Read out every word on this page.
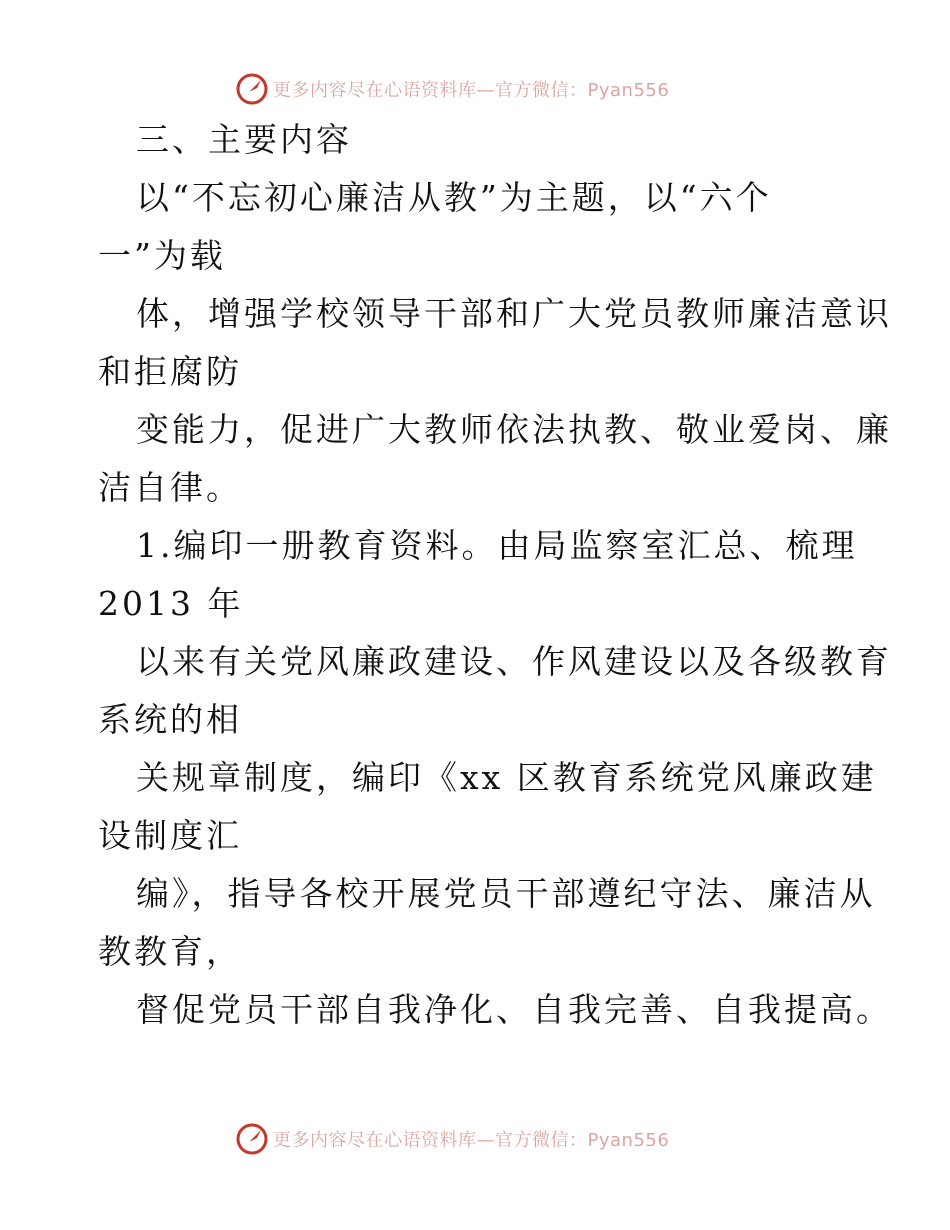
更多内容尽在心语资料库—官方微信：Pyan556

三、主要内容

以“不忘初心廉洁从教”为主题，以“六个

一”为载

体，增强学校领导干部和广大党员教师廉洁意识

和拒腐防

变能力，促进广大教师依法执教、敬业爱岗、廉

洁自律。

1.编印一册教育资料。由局监察室汇总、梳理

2013 年

以来有关党风廉政建设、作风建设以及各级教育

系统的相

关规章制度，编印《xx 区教育系统党风廉政建

设制度汇

编》，指导各校开展党员干部遵纪守法、廉洁从

教教育，

督促党员干部自我净化、自我完善、自我提高。

更多内容尽在心语资料库—官方微信：Pyan556
